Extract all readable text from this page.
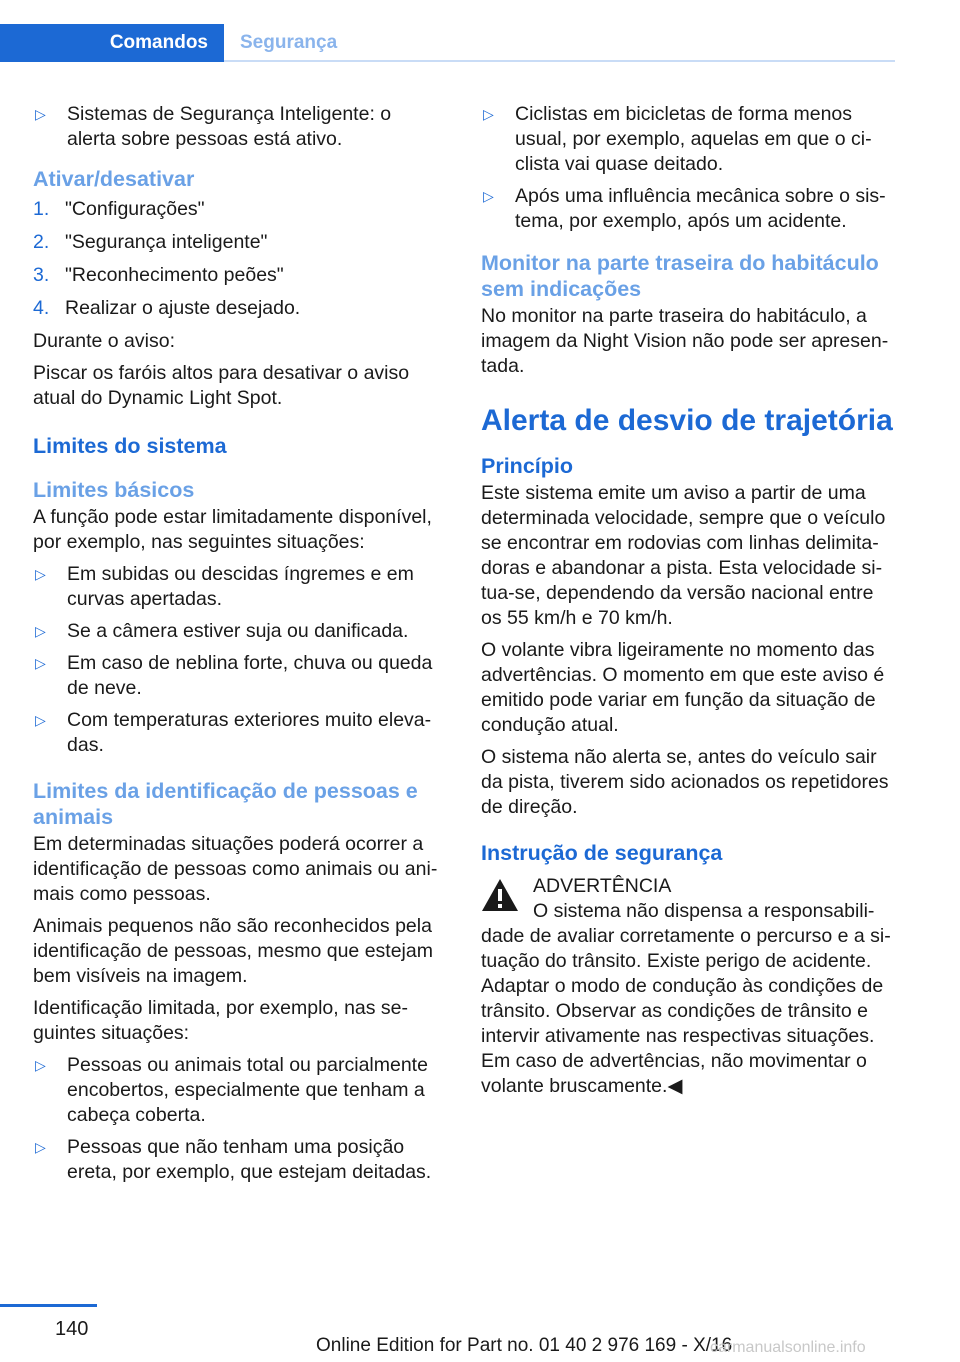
Comandos Segurança
▷	Sistemas de Segurança Inteligente: o alerta sobre pessoas está ativo.
Ativar/desativar
1. "Configurações"
2. "Segurança inteligente"
3. "Reconhecimento peões"
4. Realizar o ajuste desejado.

Durante o aviso:

Piscar os faróis altos para desativar o aviso atual do Dynamic Light Spot.

Limites do sistema
Limites básicos

A função pode estar limitadamente disponível, por exemplo, nas seguintes situações:

▷	Em subidas ou descidas íngremes e em curvas apertadas.
▷	Se a câmera estiver suja ou danificada.
▷	Em caso de neblina forte, chuva ou queda de neve.
▷	Com temperaturas exteriores muito eleva-das.
Limites da identificação de pessoas e animais

Em determinadas situações poderá ocorrer a identificação de pessoas como animais ou ani-mais como pessoas.

Animais pequenos não são reconhecidos pela identificação de pessoas, mesmo que estejam bem visíveis na imagem.

Identificação limitada, por exemplo, nas se-guintes situações:

▷	Pessoas ou animais total ou parcialmente encobertos, especialmente que tenham a cabeça coberta.
▷	Pessoas que não tenham uma posição ereta, por exemplo, que estejam deitadas.
▷	Ciclistas em bicicletas de forma menos usual, por exemplo, aquelas em que o ci-clista vai quase deitado.
▷	Após uma influência mecânica sobre o sis-tema, por exemplo, após um acidente.
Monitor na parte traseira do habitáculo sem indicações

No monitor na parte traseira do habitáculo, a imagem da Night Vision não pode ser apresen-tada.

Alerta de desvio de trajetória
Princípio

Este sistema emite um aviso a partir de uma determinada velocidade, sempre que o veículo se encontrar em rodovias com linhas delimita-doras e abandonar a pista. Esta velocidade si-tua-se, dependendo da versão nacional entre os 55 km/h e 70 km/h.

O volante vibra ligeiramente no momento das advertências. O momento em que este aviso é emitido pode variar em função da situação de condução atual.

O sistema não alerta se, antes do veículo sair da pista, tiverem sido acionados os repetidores de direção.

Instrução de segurança
ADVERTÊNCIA
O sistema não dispensa a responsabili-dade de avaliar corretamente o percurso e a si-tuação do trânsito. Existe perigo de acidente. Adaptar o modo de condução às condições de trânsito. Observar as condições de trânsito e intervir ativamente nas respectivas situações. Em caso de advertências, não movimentar o volante bruscamente.◀
140
Online Edition for Part no. 01 40 2 976 169 - X/16
carmanualsonline.info
